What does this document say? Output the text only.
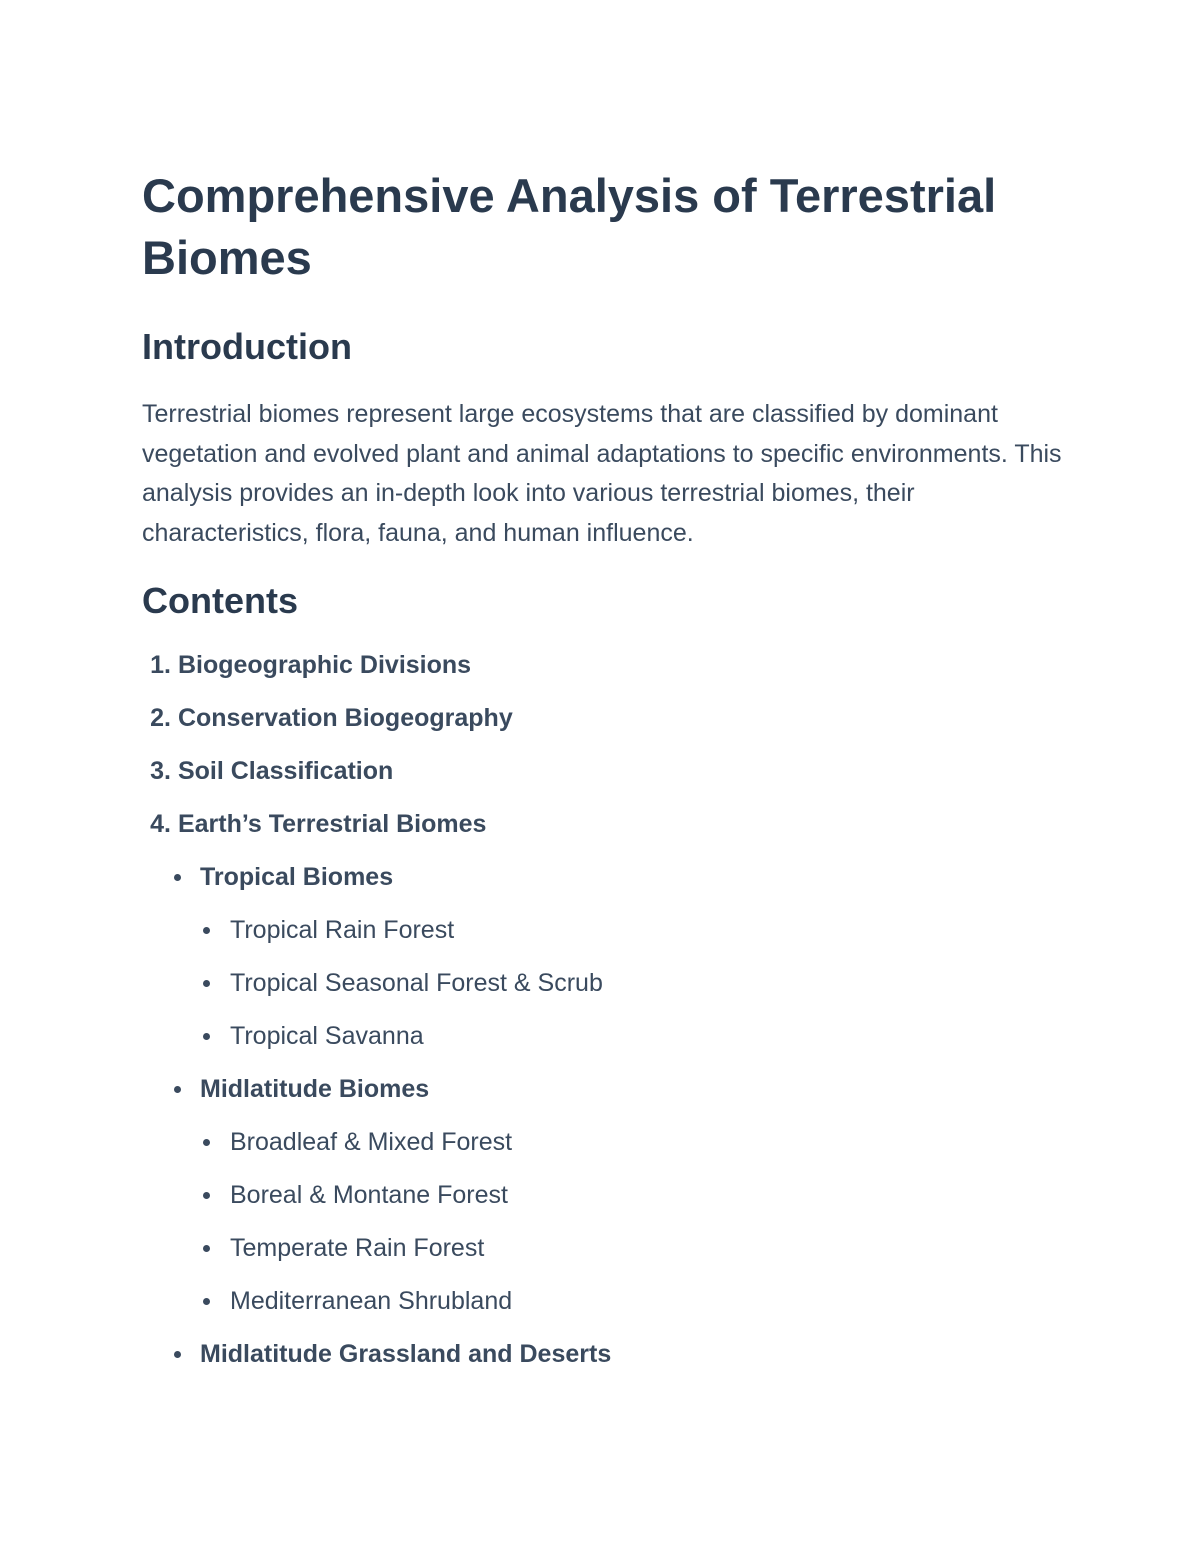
Comprehensive Analysis of Terrestrial Biomes
Introduction

Terrestrial biomes represent large ecosystems that are classified by dominant vegetation and evolved plant and animal adaptations to specific environments. This analysis provides an in-depth look into various terrestrial biomes, their characteristics, flora, fauna, and human influence.

Contents
1.
Biogeographic Divisions
2.
Conservation Biogeography
3.
Soil Classification
4.
Earth’s Terrestrial Biomes
Tropical Biomes
Tropical Rain Forest
Tropical Seasonal Forest & Scrub
Tropical Savanna
Midlatitude Biomes
Broadleaf & Mixed Forest
Boreal & Montane Forest
Temperate Rain Forest
Mediterranean Shrubland
Midlatitude Grassland and Deserts
